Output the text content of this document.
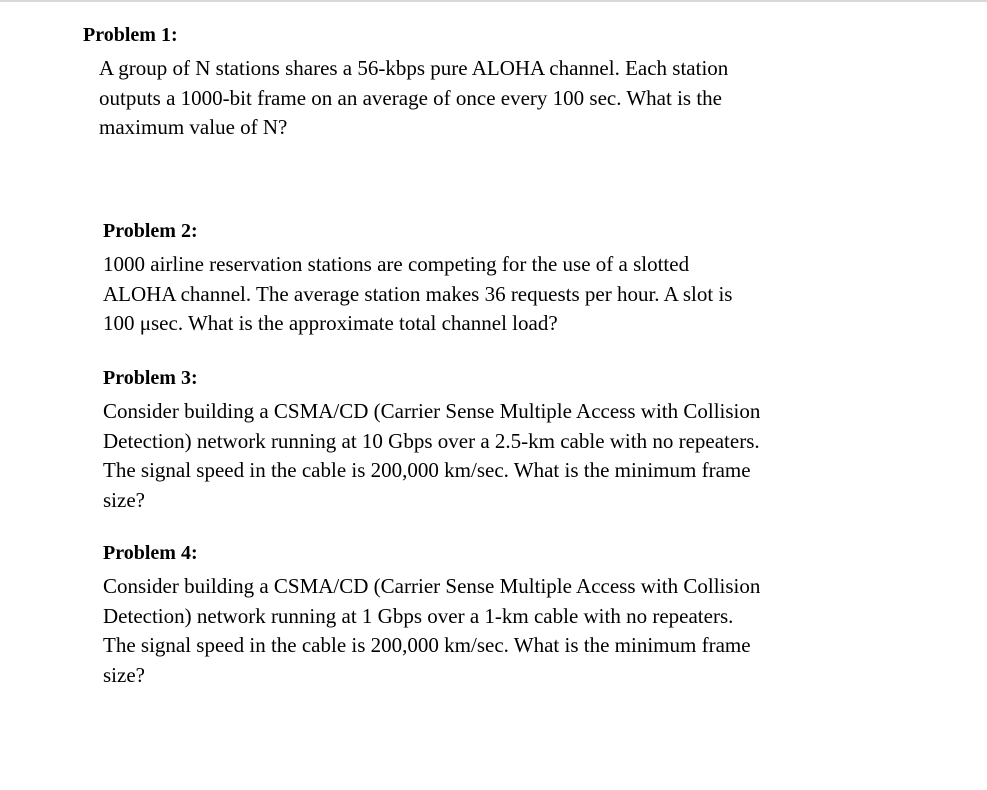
Problem 1:

A group of N stations shares a 56-kbps pure ALOHA channel. Each station
outputs a 1000-bit frame on an average of once every 100 sec. What is the
maximum value of N?

Problem 2:

1000 airline reservation stations are competing for the use of a slotted
ALOHA channel. The average station makes 36 requests per hour. A slot is
100 μsec. What is the approximate total channel load?

Problem 3:

Consider building a CSMA/CD (Carrier Sense Multiple Access with Collision
Detection) network running at 10 Gbps over a 2.5-km cable with no repeaters.
The signal speed in the cable is 200,000 km/sec. What is the minimum frame
size?

Problem 4:

Consider building a CSMA/CD (Carrier Sense Multiple Access with Collision
Detection) network running at 1 Gbps over a 1-km cable with no repeaters.
The signal speed in the cable is 200,000 km/sec. What is the minimum frame
size?
